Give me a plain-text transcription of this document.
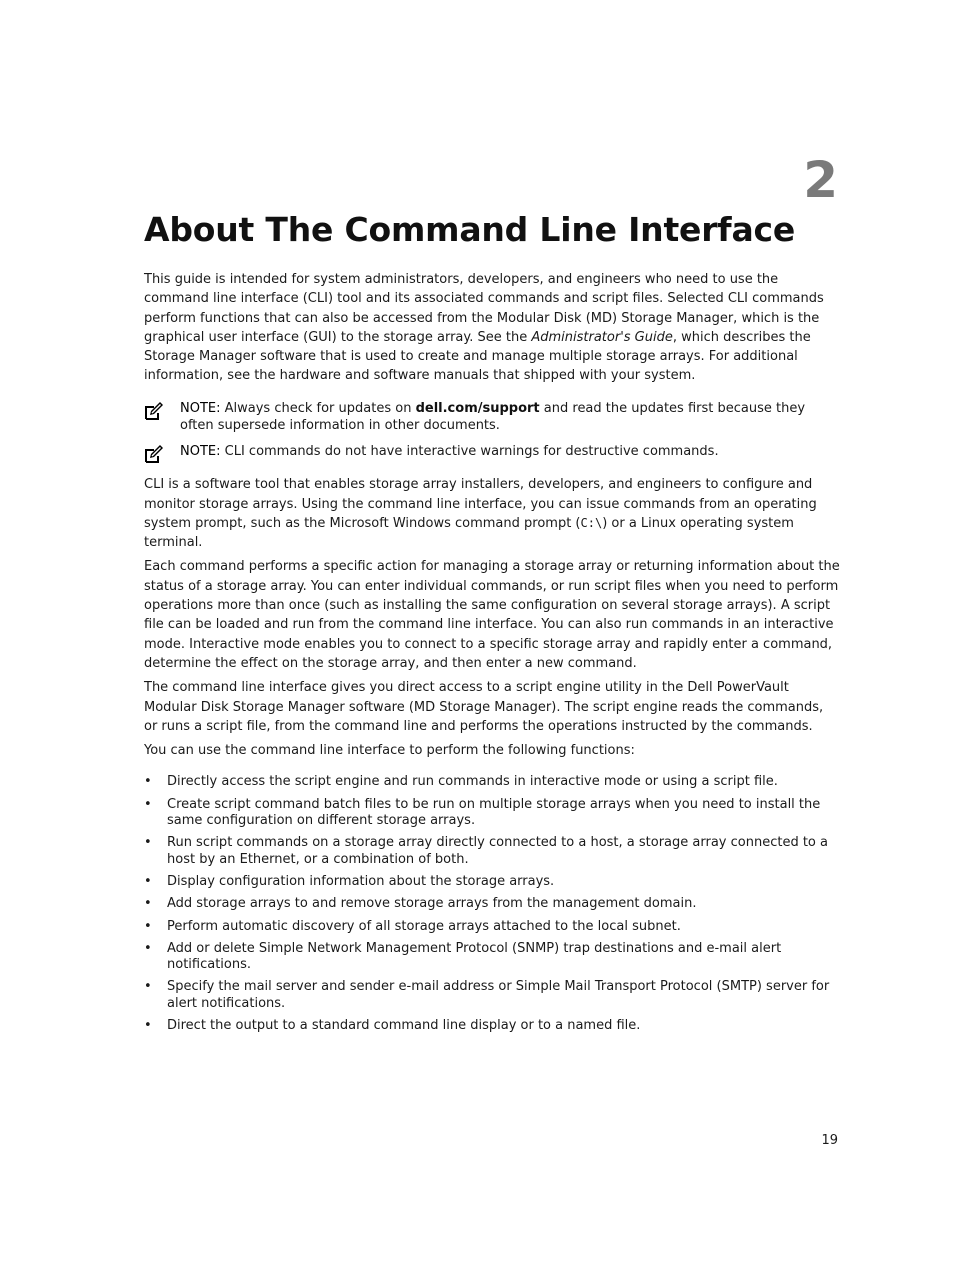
2
About The Command Line Interface

This guide is intended for system administrators, developers, and engineers who need to use the command line interface (CLI) tool and its associated commands and script files. Selected CLI commands perform functions that can also be accessed from the Modular Disk (MD) Storage Manager, which is the graphical user interface (GUI) to the storage array. See the Administrator's Guide, which describes the Storage Manager software that is used to create and manage multiple storage arrays. For additional information, see the hardware and software manuals that shipped with your system.

NOTE: Always check for updates on dell.com/support and read the updates first because they often supersede information in other documents.
NOTE: CLI commands do not have interactive warnings for destructive commands.

CLI is a software tool that enables storage array installers, developers, and engineers to configure and monitor storage arrays. Using the command line interface, you can issue commands from an operating system prompt, such as the Microsoft Windows command prompt (C:\) or a Linux operating system terminal.

Each command performs a specific action for managing a storage array or returning information about the status of a storage array. You can enter individual commands, or run script files when you need to perform operations more than once (such as installing the same configuration on several storage arrays). A script file can be loaded and run from the command line interface. You can also run commands in an interactive mode. Interactive mode enables you to connect to a specific storage array and rapidly enter a command, determine the effect on the storage array, and then enter a new command.

The command line interface gives you direct access to a script engine utility in the Dell PowerVault Modular Disk Storage Manager software (MD Storage Manager). The script engine reads the commands, or runs a script file, from the command line and performs the operations instructed by the commands.

You can use the command line interface to perform the following functions:

• Directly access the script engine and run commands in interactive mode or using a script file.
• Create script command batch files to be run on multiple storage arrays when you need to install the same configuration on different storage arrays.
• Run script commands on a storage array directly connected to a host, a storage array connected to a host by an Ethernet, or a combination of both.
• Display configuration information about the storage arrays.
• Add storage arrays to and remove storage arrays from the management domain.
• Perform automatic discovery of all storage arrays attached to the local subnet.
• Add or delete Simple Network Management Protocol (SNMP) trap destinations and e-mail alert notifications.
• Specify the mail server and sender e-mail address or Simple Mail Transport Protocol (SMTP) server for alert notifications.
• Direct the output to a standard command line display or to a named file.
19
